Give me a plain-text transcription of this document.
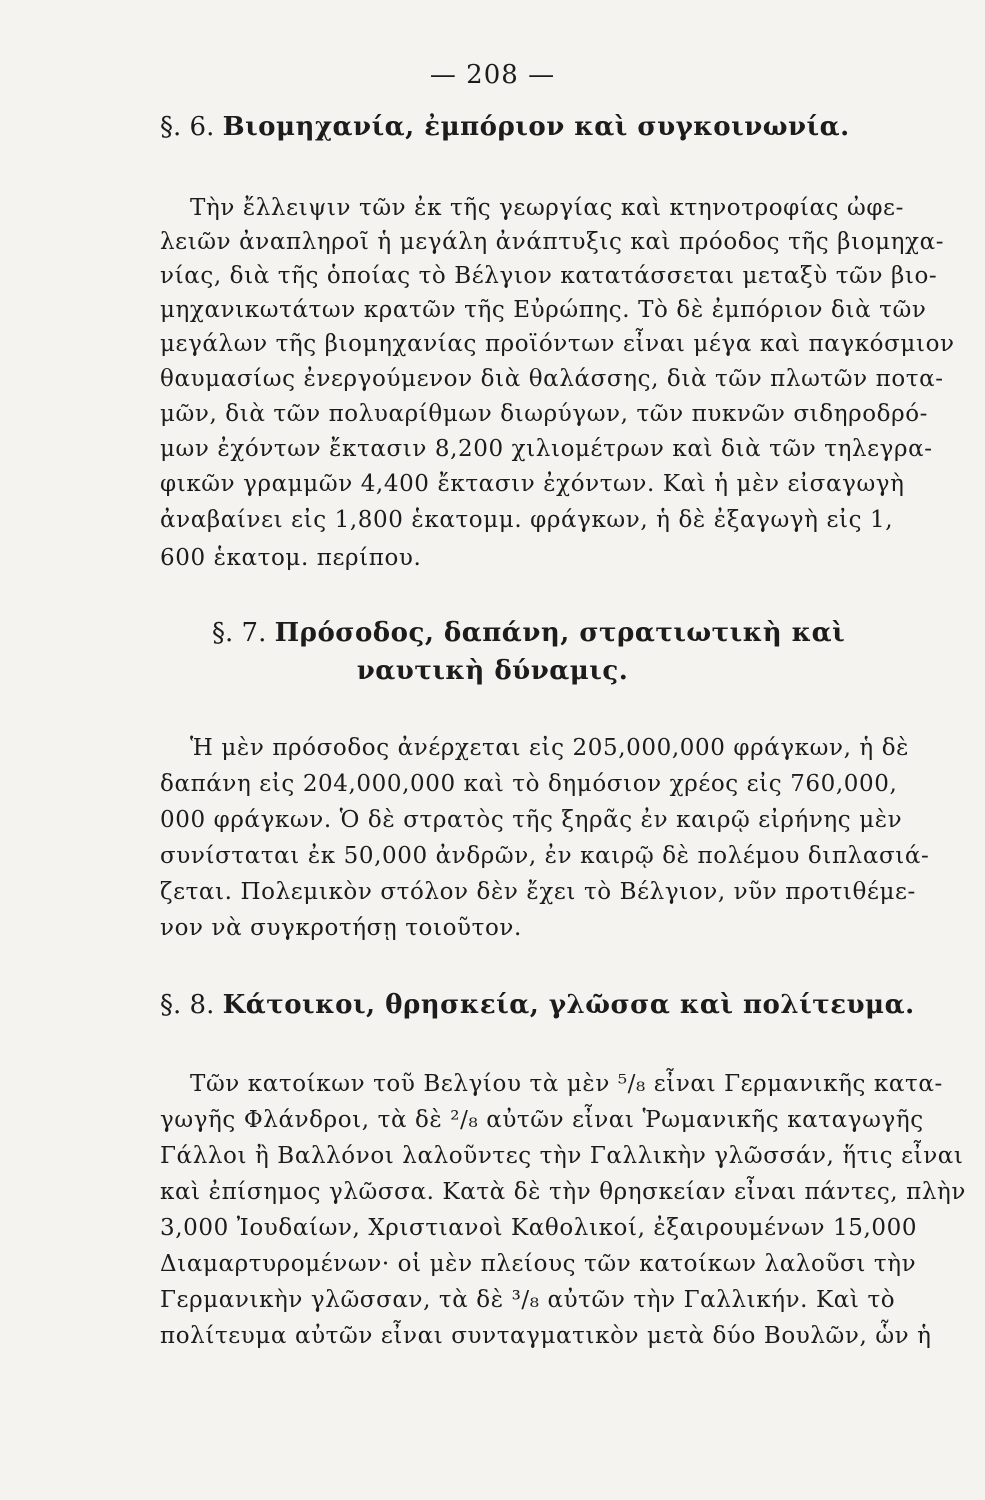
— 208 —
§. 6. Βιομηχανία, ἐμπόριον καὶ συγκοινωνία.
Τὴν ἔλλειψιν τῶν ἐκ τῆς γεωργίας καὶ κτηνοτροφίας ὠφε-
λειῶν ἀναπληροῖ ἡ μεγάλη ἀνάπτυξις καὶ πρόοδος τῆς βιομηχα-
νίας, διὰ τῆς ὁποίας τὸ Βέλγιον κατατάσσεται μεταξὺ τῶν βιο-
μηχανικωτάτων κρατῶν τῆς Εὐρώπης. Τὸ δὲ ἐμπόριον διὰ τῶν
μεγάλων τῆς βιομηχανίας προϊόντων εἶναι μέγα καὶ παγκόσμιον
θαυμασίως ἐνεργούμενον διὰ θαλάσσης, διὰ τῶν πλωτῶν ποτα-
μῶν, διὰ τῶν πολυαρίθμων διωρύγων, τῶν πυκνῶν σιδηροδρό-
μων ἐχόντων ἔκτασιν 8,200 χιλιομέτρων καὶ διὰ τῶν τηλεγρα-
φικῶν γραμμῶν 4,400 ἔκτασιν ἐχόντων. Καὶ ἡ μὲν εἰσαγωγὴ
ἀναβαίνει εἰς 1,800 ἑκατομμ. φράγκων, ἡ δὲ ἐξαγωγὴ εἰς 1,
600 ἑκατομ. περίπου.
§. 7. Πρόσοδος, δαπάνη, στρατιωτικὴ καὶ
ναυτικὴ δύναμις.
Ἡ μὲν πρόσοδος ἀνέρχεται εἰς 205,000,000 φράγκων, ἡ δὲ
δαπάνη εἰς 204,000,000 καὶ τὸ δημόσιον χρέος εἰς 760,000,
000 φράγκων. Ὁ δὲ στρατὸς τῆς ξηρᾶς ἐν καιρῷ εἰρήνης μὲν
συνίσταται ἐκ 50,000 ἀνδρῶν, ἐν καιρῷ δὲ πολέμου διπλασιά-
ζεται. Πολεμικὸν στόλον δὲν ἔχει τὸ Βέλγιον, νῦν προτιθέμε-
νον νὰ συγκροτήσῃ τοιοῦτον.
§. 8. Κάτοικοι, θρησκεία, γλῶσσα καὶ πολίτευμα.
Τῶν κατοίκων τοῦ Βελγίου τὰ μὲν ⁵/₈ εἶναι Γερμανικῆς κατα-
γωγῆς Φλάνδροι, τὰ δὲ ²/₈ αὐτῶν εἶναι Ῥωμανικῆς καταγωγῆς
Γάλλοι ἢ Βαλλόνοι λαλοῦντες τὴν Γαλλικὴν γλῶσσάν, ἥτις εἶναι
καὶ ἐπίσημος γλῶσσα. Κατὰ δὲ τὴν θρησκείαν εἶναι πάντες, πλὴν
3,000 Ἰουδαίων, Χριστιανοὶ Καθολικοί, ἐξαιρουμένων 15,000
Διαμαρτυρομένων· οἱ μὲν πλείους τῶν κατοίκων λαλοῦσι τὴν
Γερμανικὴν γλῶσσαν, τὰ δὲ ³/₈ αὐτῶν τὴν Γαλλικήν. Καὶ τὸ
πολίτευμα αὐτῶν εἶναι συνταγματικὸν μετὰ δύο Βουλῶν, ὧν ἡ
